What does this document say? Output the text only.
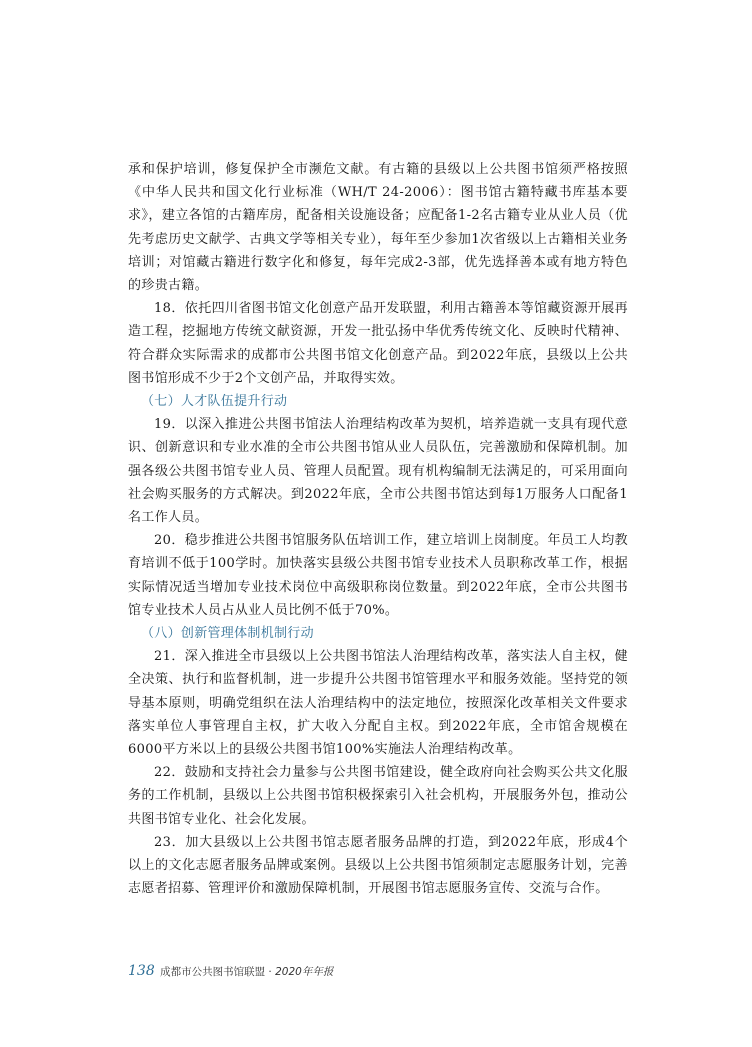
承和保护培训，修复保护全市濒危文献。有古籍的县级以上公共图书馆须严格按照《中华人民共和国文化行业标准（WH/T 24-2006）：图书馆古籍特藏书库基本要求》，建立各馆的古籍库房，配备相关设施设备；应配备1-2名古籍专业从业人员（优先考虑历史文献学、古典文学等相关专业），每年至少参加1次省级以上古籍相关业务培训；对馆藏古籍进行数字化和修复，每年完成2-3部，优先选择善本或有地方特色的珍贵古籍。

18．依托四川省图书馆文化创意产品开发联盟，利用古籍善本等馆藏资源开展再造工程，挖掘地方传统文献资源，开发一批弘扬中华优秀传统文化、反映时代精神、符合群众实际需求的成都市公共图书馆文化创意产品。到2022年底，县级以上公共图书馆形成不少于2个文创产品，并取得实效。

（七）人才队伍提升行动

19．以深入推进公共图书馆法人治理结构改革为契机，培养造就一支具有现代意识、创新意识和专业水准的全市公共图书馆从业人员队伍，完善激励和保障机制。加强各级公共图书馆专业人员、管理人员配置。现有机构编制无法满足的，可采用面向社会购买服务的方式解决。到2022年底，全市公共图书馆达到每1万服务人口配备1名工作人员。

20．稳步推进公共图书馆服务队伍培训工作，建立培训上岗制度。年员工人均教育培训不低于100学时。加快落实县级公共图书馆专业技术人员职称改革工作，根据实际情况适当增加专业技术岗位中高级职称岗位数量。到2022年底，全市公共图书馆专业技术人员占从业人员比例不低于70%。

（八）创新管理体制机制行动

21．深入推进全市县级以上公共图书馆法人治理结构改革，落实法人自主权，健全决策、执行和监督机制，进一步提升公共图书馆管理水平和服务效能。坚持党的领导基本原则，明确党组织在法人治理结构中的法定地位，按照深化改革相关文件要求落实单位人事管理自主权，扩大收入分配自主权。到2022年底，全市馆舍规模在6000平方米以上的县级公共图书馆100%实施法人治理结构改革。

22．鼓励和支持社会力量参与公共图书馆建设，健全政府向社会购买公共文化服务的工作机制，县级以上公共图书馆积极探索引入社会机构，开展服务外包，推动公共图书馆专业化、社会化发展。

23．加大县级以上公共图书馆志愿者服务品牌的打造，到2022年底，形成4个以上的文化志愿者服务品牌或案例。县级以上公共图书馆须制定志愿服务计划，完善志愿者招募、管理评价和激励保障机制，开展图书馆志愿服务宣传、交流与合作。

138 成都市公共图书馆联盟 · 2020年年报
